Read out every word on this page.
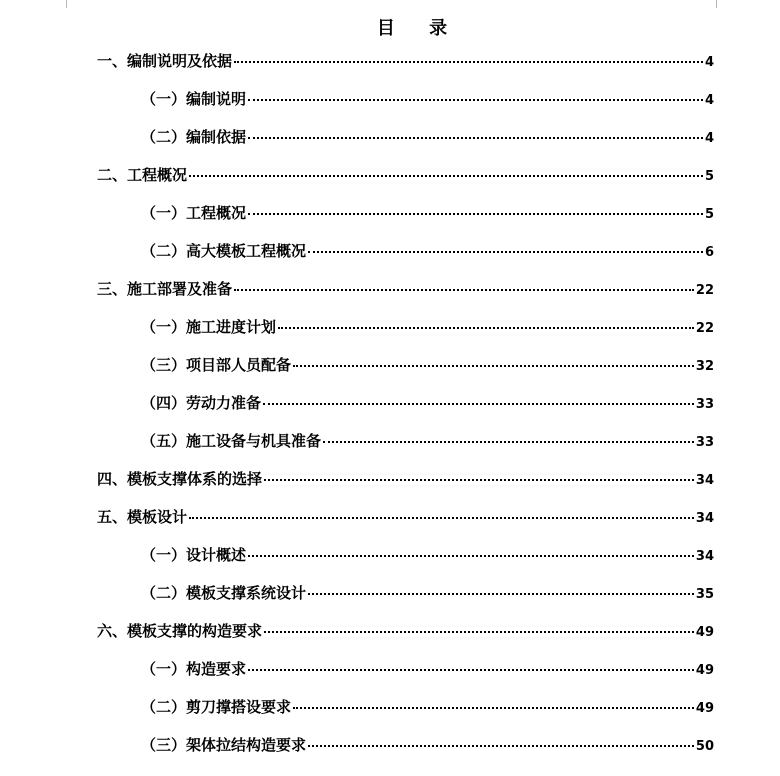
目 录
一、编制说明及依据	4
（一）编制说明	4
（二）编制依据	4
二、工程概况	5
（一）工程概况	5
（二）高大模板工程概况	6
三、施工部署及准备	22
（一）施工进度计划	22
（三）项目部人员配备	32
（四）劳动力准备	33
（五）施工设备与机具准备	33
四、模板支撑体系的选择	34
五、模板设计	34
（一）设计概述	34
（二）模板支撑系统设计	35
六、模板支撑的构造要求	49
（一）构造要求	49
（二）剪刀撑搭设要求	49
（三）架体拉结构造要求	50
